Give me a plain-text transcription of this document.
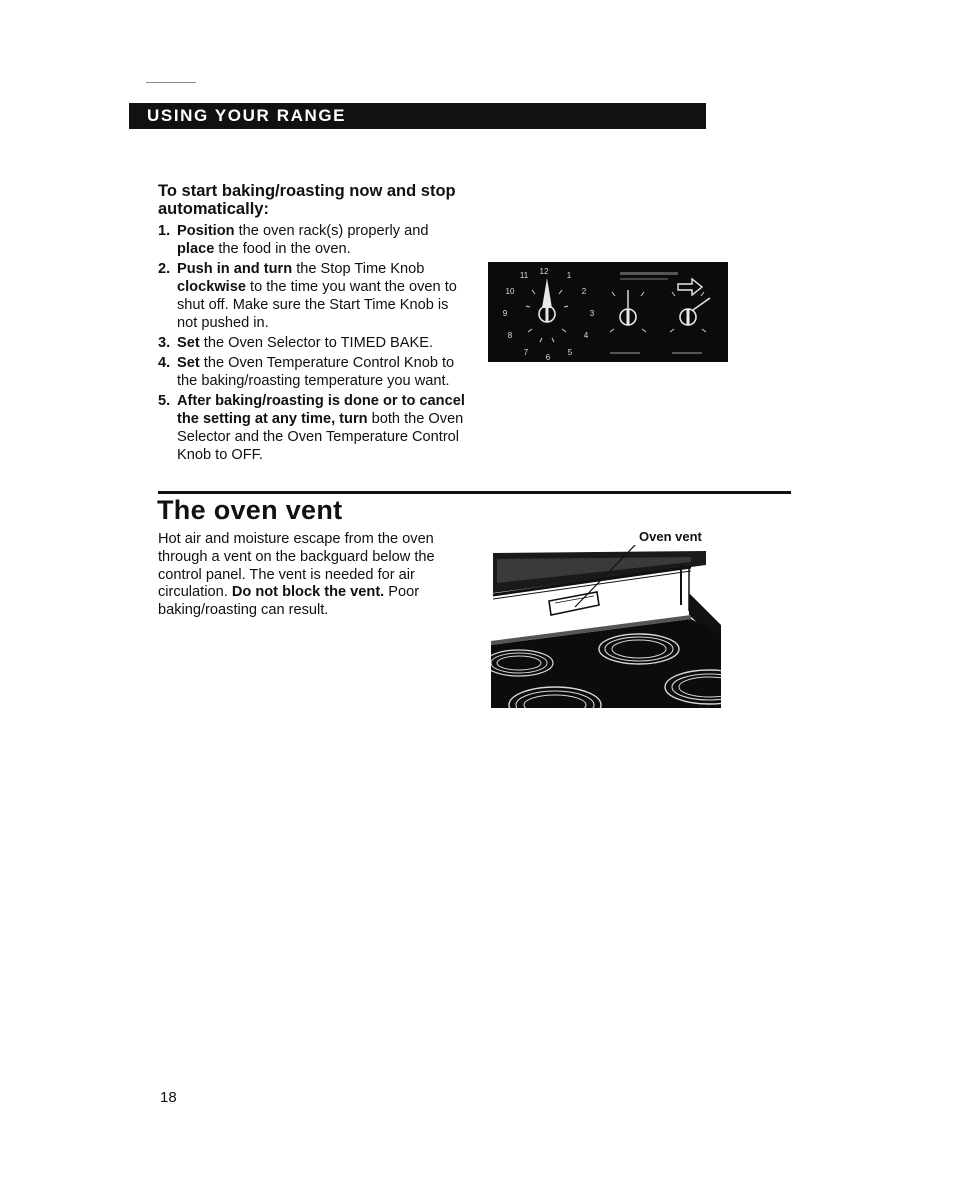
USING YOUR RANGE
To start baking/roasting now and stop automatically:
1. Position the oven rack(s) properly and place the food in the oven.
2. Push in and turn the Stop Time Knob clockwise to the time you want the oven to shut off. Make sure the Start Time Knob is not pushed in.
3. Set the Oven Selector to TIMED BAKE.
4. Set the Oven Temperature Control Knob to the baking/roasting temperature you want.
5. After baking/roasting is done or to cancel the setting at any time, turn both the Oven Selector and the Oven Temperature Control Knob to OFF.
12 1
2
3
4
5
6
7
8
9
10
11
The oven vent

Hot air and moisture escape from the oven through a vent on the backguard below the control panel. The vent is needed for air circulation. Do not block the vent. Poor baking/roasting can result.

Oven vent
18
